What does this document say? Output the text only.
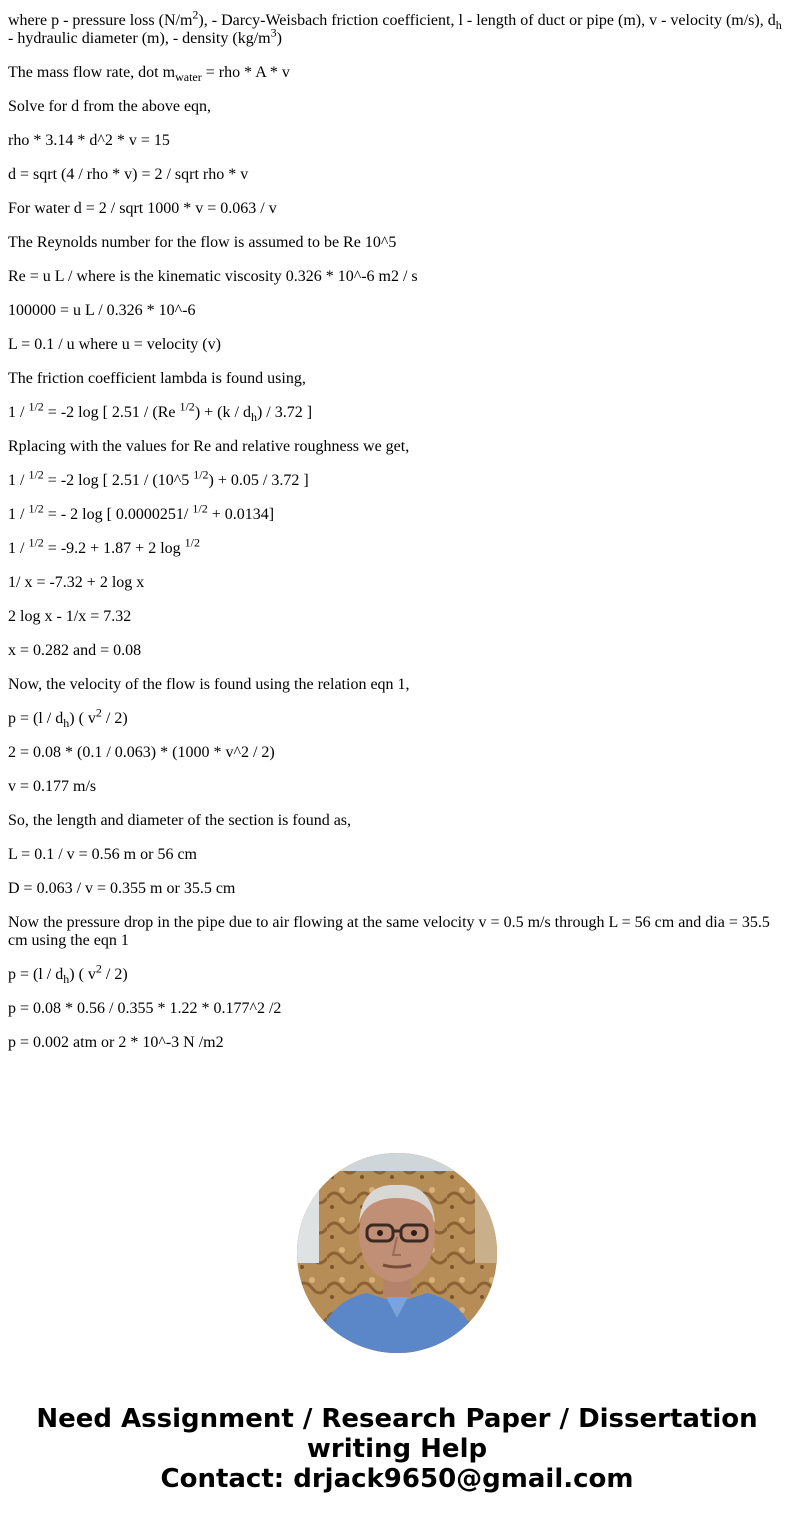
where p - pressure loss $(N/m^2)$, - Darcy-Weisbach friction coefficient, l - length of duct or pipe (m), v - velocity (m/s), $d_h$ - hydraulic diameter (m), - density $(kg/m^3)$

The mass flow rate, dot $m_{water}$ = rho * A * v

Solve for d from the above eqn,

rho * 3.14 * d^2 * v = 15

d = sqrt (4 / rho * v) = 2 / sqrt rho * v

For water d = 2 / sqrt 1000 * v = 0.063 / v

The Reynolds number for the flow is assumed to be Re 10^5

Re = u L / where is the kinematic viscosity 0.326 * 10^-6 m2 / s

100000 = u L / 0.326 * 10^-6

L = 0.1 / u where u = velocity (v)

The friction coefficient lambda is found using,

1 / $^{1/2}$ = -2 log [ 2.51 / (Re $^{1/2}) + (k / d_h) / 3.72$ ]

Rplacing with the values for Re and relative roughness we get,

1 / $^{1/2}$ = -2 log [ 2.51 / (10^5 $^{1/2}$) + 0.05 / 3.72 ]

1 / $^{1/2}$ = - 2 log [ 0.0000251/ $^{1/2}$ + 0.0134]

1 / $^{1/2}$ = -9.2 + 1.87 + 2 log $^{1/2}$

1/ x = -7.32 + 2 log x

2 log x - 1/x = 7.32

x = 0.282 and = 0.08

Now, the velocity of the flow is found using the relation eqn 1,

$p = (l / d_h)$ ( $v^2 / 2$)

2 = 0.08 * (0.1 / 0.063) * (1000 * v^2 / 2)

v = 0.177 m/s

So, the length and diameter of the section is found as,

L = 0.1 / v = 0.56 m or 56 cm

D = 0.063 / v = 0.355 m or 35.5 cm

Now the pressure drop in the pipe due to air flowing at the same velocity v = 0.5 m/s through L = 56 cm and dia = 35.5 cm using the eqn 1

$p = (l / d_h)$ ( $v^2 / 2$)

p = 0.08 * 0.56 / 0.355 * 1.22 * 0.177^2 /2

p = 0.002 atm or 2 * 10^-3 N /m2

Need Assignment / Research Paper / Dissertation
writing Help
Contact: drjack9650@gmail.com
